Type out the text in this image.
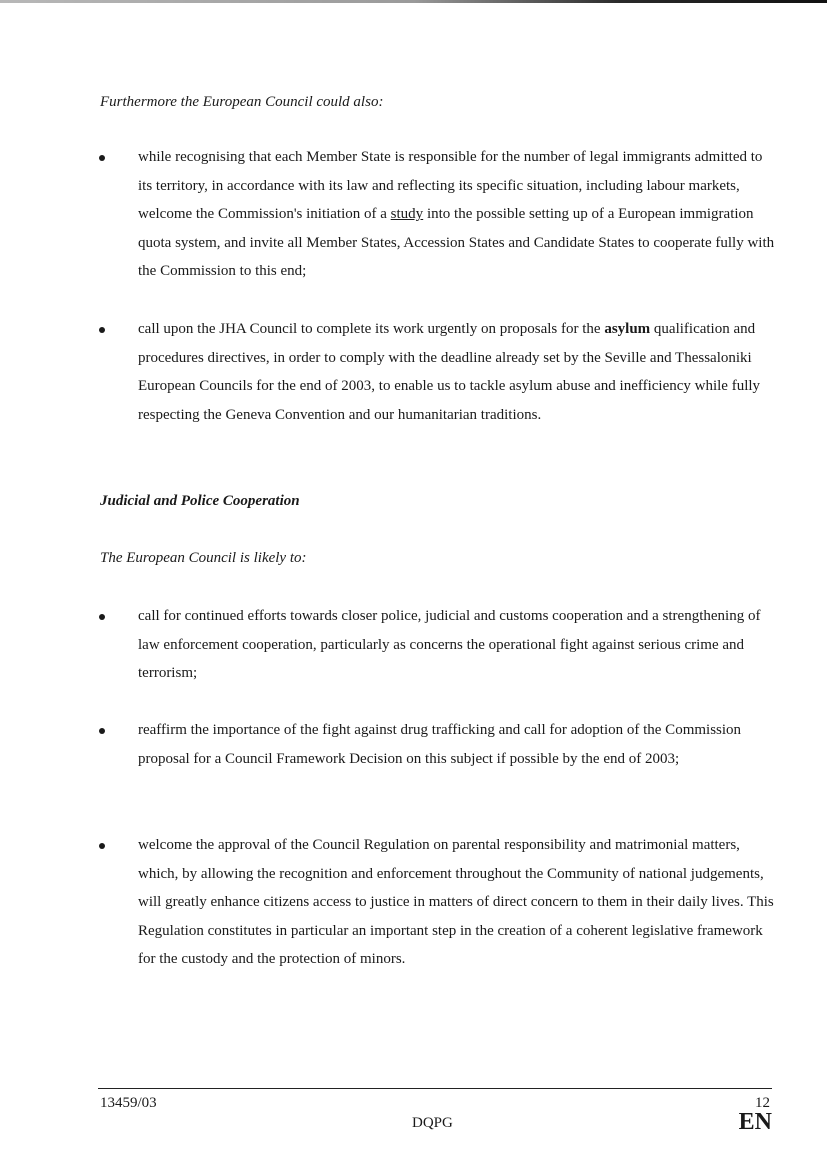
Furthermore the European Council could also:

while recognising that each Member State is responsible for the number of legal immigrants admitted to its territory, in accordance with its law and reflecting its specific situation, including labour markets, welcome the Commission's initiation of a study into the possible setting up of a European immigration quota system, and invite all Member States, Accession States and Candidate States to cooperate fully with the Commission to this end;

call upon the JHA Council to complete its work urgently on proposals for the asylum qualification and procedures directives, in order to comply with the deadline already set by the Seville and Thessaloniki European Councils for the end of 2003, to enable us to tackle asylum abuse and inefficiency while fully respecting the Geneva Convention and our humanitarian traditions.

Judicial and Police Cooperation

The European Council is likely to:

call for continued efforts towards closer police, judicial and customs cooperation and a strengthening of law enforcement cooperation, particularly as concerns the operational fight against serious crime and terrorism;

reaffirm the importance of the fight against drug trafficking and call for adoption of the Commission proposal for a Council Framework Decision on this subject if possible by the end of 2003;

welcome the approval of the Council Regulation on parental responsibility and matrimonial matters, which, by allowing the recognition and enforcement throughout the Community of national judgements, will greatly enhance citizens access to justice in matters of direct concern to them in their daily lives. This Regulation constitutes in particular an important step in the creation of a coherent legislative framework for the custody and the protection of minors.

13459/03
DQPG
12
EN
